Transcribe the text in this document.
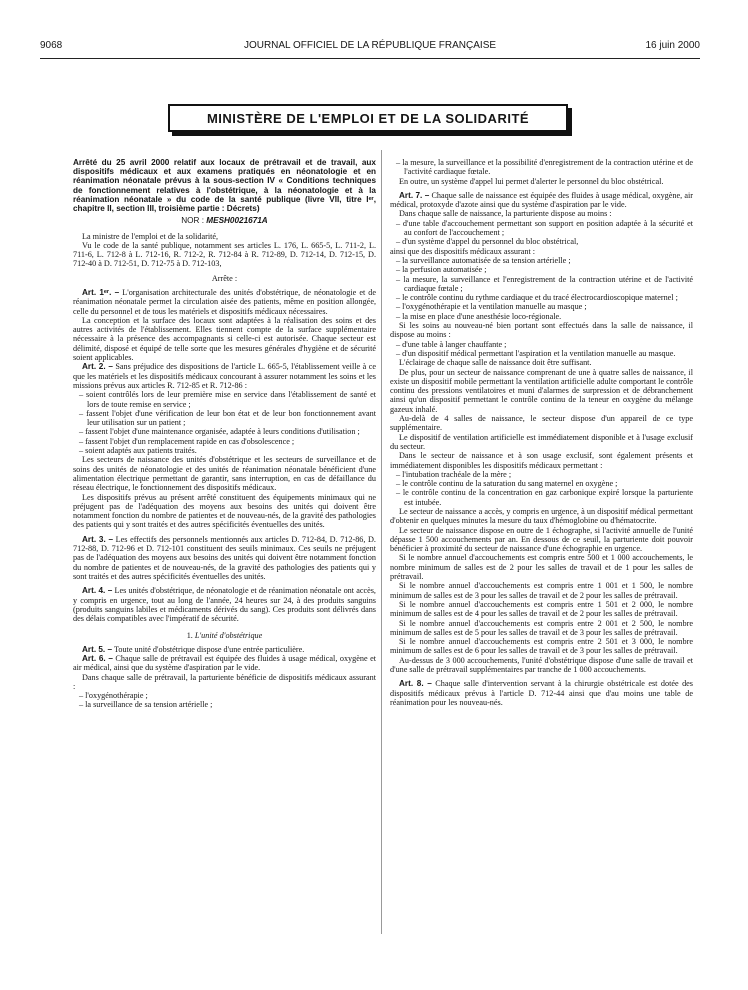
9068	JOURNAL OFFICIEL DE LA RÉPUBLIQUE FRANÇAISE	16 juin 2000
MINISTÈRE DE L'EMPLOI ET DE LA SOLIDARITÉ

Arrêté du 25 avril 2000 relatif aux locaux de prétravail et de travail, aux dispositifs médicaux et aux examens pratiqués en néonatologie et en réanimation néonatale prévus à la sous-section IV « Conditions techniques de fonctionnement relatives à l'obstétrique, à la néonatologie et à la réanimation néonatale » du code de la santé publique (livre VII, titre Iᵉʳ, chapitre II, section III, troisième partie : Décrets)

NOR : MESH0021671A

La ministre de l'emploi et de la solidarité,

Vu le code de la santé publique, notamment ses articles L. 176, L. 665-5, L. 711-2, L. 711-6, L. 712-8 à L. 712-16, R. 712-2, R. 712-84 à R. 712-89, D. 712-14, D. 712-15, D. 712-40 à D. 712-51, D. 712-75 à D. 712-103,

Arrête :

Art. 1ᵉʳ. – L'organisation architecturale des unités d'obstétrique, de néonatologie et de réanimation néonatale permet la circulation aisée des patients, même en position allongée, celle du personnel et de tous les matériels et dispositifs médicaux nécessaires.

La conception et la surface des locaux sont adaptées à la réalisation des soins et des autres activités de l'établissement. Elles tiennent compte de la surface supplémentaire nécessaire à la présence des accompagnants si celle-ci est autorisée. Chaque secteur est délimité, disposé et équipé de telle sorte que les mesures générales d'hygiène et de sécurité soient applicables.

Art. 2. – Sans préjudice des dispositions de l'article L. 665-5, l'établissement veille à ce que les matériels et les dispositifs médicaux concourant à assurer notamment les soins et les missions prévus aux articles R. 712-85 et R. 712-86 :

– soient contrôlés lors de leur première mise en service dans l'établissement de santé et lors de toute remise en service ;
– fassent l'objet d'une vérification de leur bon état et de leur bon fonctionnement avant leur utilisation sur un patient ;
– fassent l'objet d'une maintenance organisée, adaptée à leurs conditions d'utilisation ;
– fassent l'objet d'un remplacement rapide en cas d'obsolescence ;
– soient adaptés aux patients traités.

Les secteurs de naissance des unités d'obstétrique et les secteurs de surveillance et de soins des unités de néonatologie et des unités de réanimation néonatale bénéficient d'une alimentation électrique permettant de garantir, sans interruption, en cas de défaillance du réseau électrique, le fonctionnement des dispositifs médicaux.

Les dispositifs prévus au présent arrêté constituent des équipements minimaux qui ne préjugent pas de l'adéquation des moyens aux besoins des unités qui doivent être notamment fonction du nombre de patientes et de nouveau-nés, de la gravité des pathologies des patients qui y sont traités et des autres spécificités éventuelles des unités.

Art. 3. – Les effectifs des personnels mentionnés aux articles D. 712-84, D. 712-86, D. 712-88, D. 712-96 et D. 712-101 constituent des seuils minimaux. Ces seuils ne préjugent pas de l'adéquation des moyens aux besoins des unités qui doivent être notamment fonction du nombre de patientes et de nouveau-nés, de la gravité des pathologies des patients qui y sont traités et des autres spécificités éventuelles des unités.

Art. 4. – Les unités d'obstétrique, de néonatologie et de réanimation néonatale ont accès, y compris en urgence, tout au long de l'année, 24 heures sur 24, à des produits sanguins (produits sanguins labiles et médicaments dérivés du sang). Ces produits sont délivrés dans des délais compatibles avec l'impératif de sécurité.

1. L'unité d'obstétrique

Art. 5. – Toute unité d'obstétrique dispose d'une entrée particulière.

Art. 6. – Chaque salle de prétravail est équipée des fluides à usage médical, oxygène et air médical, ainsi que du système d'aspiration par le vide.

Dans chaque salle de prétravail, la parturiente bénéficie de dispositifs médicaux assurant :

– l'oxygénothérapie ;
– la surveillance de sa tension artérielle ;
– la mesure, la surveillance et la possibilité d'enregistrement de la contraction utérine et de l'activité cardiaque fœtale.

En outre, un système d'appel lui permet d'alerter le personnel du bloc obstétrical.

Art. 7. – Chaque salle de naissance est équipée des fluides à usage médical, oxygène, air médical, protoxyde d'azote ainsi que du système d'aspiration par le vide.

Dans chaque salle de naissance, la parturiente dispose au moins :

– d'une table d'accouchement permettant son support en position adaptée à la sécurité et au confort de l'accouchement ;
– d'un système d'appel du personnel du bloc obstétrical,

ainsi que des dispositifs médicaux assurant :

– la surveillance automatisée de sa tension artérielle ;
– la perfusion automatisée ;
– la mesure, la surveillance et l'enregistrement de la contraction utérine et de l'activité cardiaque fœtale ;
– le contrôle continu du rythme cardiaque et du tracé électrocardioscopique maternel ;
– l'oxygénothérapie et la ventilation manuelle au masque ;
– la mise en place d'une anesthésie loco-régionale.

Si les soins au nouveau-né bien portant sont effectués dans la salle de naissance, il dispose au moins :

– d'une table à langer chauffante ;
– d'un dispositif médical permettant l'aspiration et la ventilation manuelle au masque.

L'éclairage de chaque salle de naissance doit être suffisant.

De plus, pour un secteur de naissance comprenant de une à quatre salles de naissance, il existe un dispositif mobile permettant la ventilation artificielle adulte comportant le contrôle continu des pressions ventilatoires et muni d'alarmes de surpression et de débranchement ainsi qu'un dispositif permettant le contrôle continu de la teneur en oxygène du mélange gazeux inhalé.

Au-delà de 4 salles de naissance, le secteur dispose d'un appareil de ce type supplémentaire.

Le dispositif de ventilation artificielle est immédiatement disponible et à l'usage exclusif du secteur.

Dans le secteur de naissance et à son usage exclusif, sont également présents et immédiatement disponibles les dispositifs médicaux permettant :

– l'intubation trachéale de la mère ;
– le contrôle continu de la saturation du sang maternel en oxygène ;
– le contrôle continu de la concentration en gaz carbonique expiré lorsque la parturiente est intubée.

Le secteur de naissance a accès, y compris en urgence, à un dispositif médical permettant d'obtenir en quelques minutes la mesure du taux d'hémoglobine ou d'hématocrite.

Le secteur de naissance dispose en outre de 1 échographe, si l'activité annuelle de l'unité dépasse 1 500 accouchements par an. En dessous de ce seuil, la parturiente doit pouvoir bénéficier à proximité du secteur de naissance d'une échographie en urgence.

Si le nombre annuel d'accouchements est compris entre 500 et 1 000 accouchements, le nombre minimum de salles est de 2 pour les salles de travail et de 1 pour les salles de prétravail.

Si le nombre annuel d'accouchements est compris entre 1 001 et 1 500, le nombre minimum de salles est de 3 pour les salles de travail et de 2 pour les salles de prétravail.

Si le nombre annuel d'accouchements est compris entre 1 501 et 2 000, le nombre minimum de salles est de 4 pour les salles de travail et de 2 pour les salles de prétravail.

Si le nombre annuel d'accouchements est compris entre 2 001 et 2 500, le nombre minimum de salles est de 5 pour les salles de travail et de 3 pour les salles de prétravail.

Si le nombre annuel d'accouchements est compris entre 2 501 et 3 000, le nombre minimum de salles est de 6 pour les salles de travail et de 3 pour les salles de prétravail.

Au-dessus de 3 000 accouchements, l'unité d'obstétrique dispose d'une salle de travail et d'une salle de prétravail supplémentaires par tranche de 1 000 accouchements.

Art. 8. – Chaque salle d'intervention servant à la chirurgie obstétricale est dotée des dispositifs médicaux prévus à l'article D. 712-44 ainsi que d'au moins une table de réanimation pour les nouveau-nés.
